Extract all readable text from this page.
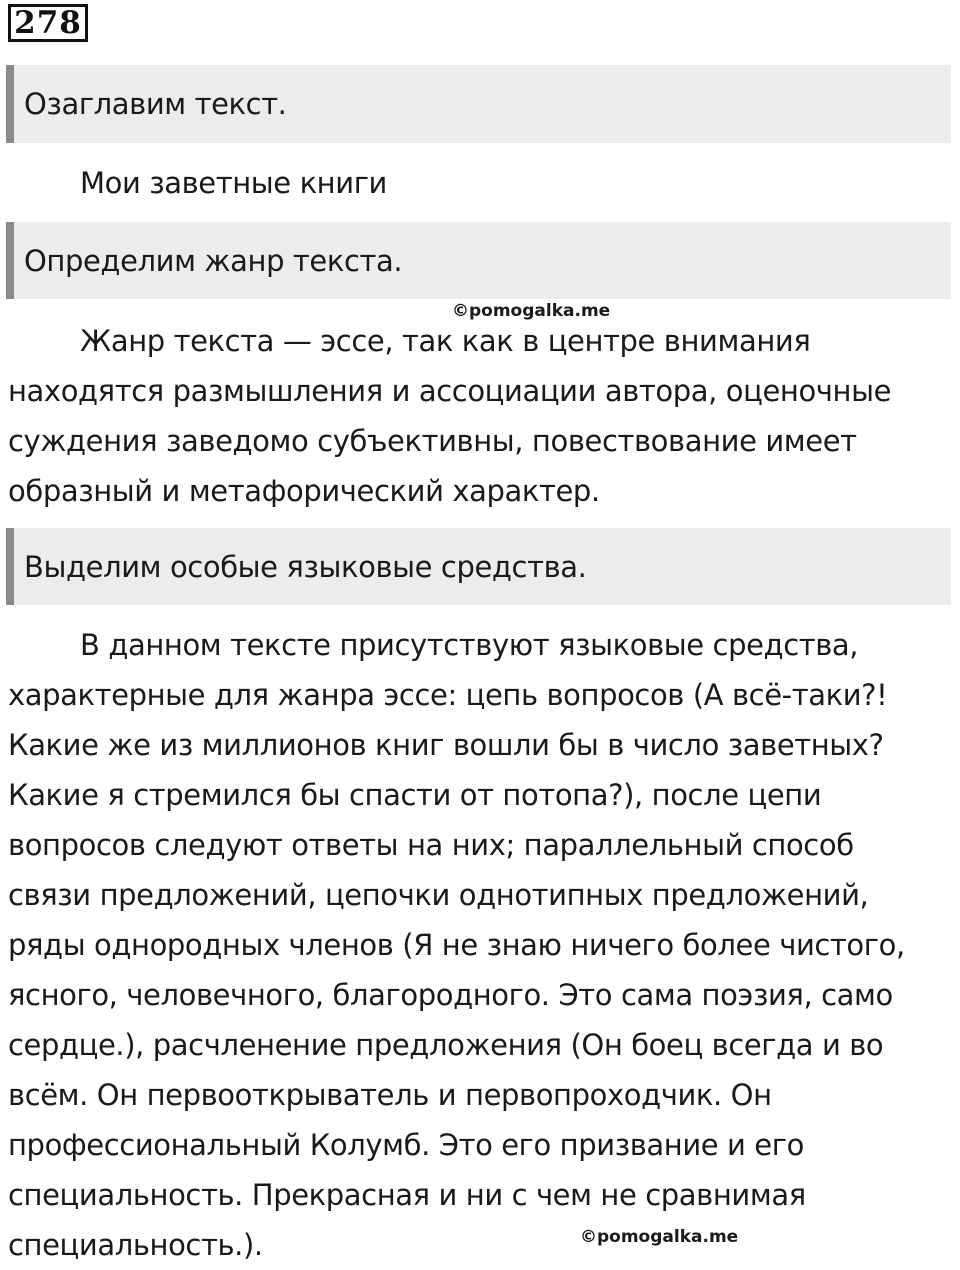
278
Озаглавим текст.
Мои заветные книги
Определим жанр текста.
©pomogalka.me
Жанр текста — эссе, так как в центре внимания
находятся размышления и ассоциации автора, оценочные
суждения заведомо субъективны, повествование имеет
образный и метафорический характер.
Выделим особые языковые средства.
В данном тексте присутствуют языковые средства,
характерные для жанра эссе: цепь вопросов (А всё-таки?!
Какие же из миллионов книг вошли бы в число заветных?
Какие я стремился бы спасти от потопа?), после цепи
вопросов следуют ответы на них; параллельный способ
связи предложений, цепочки однотипных предложений,
ряды однородных членов (Я не знаю ничего более чистого,
ясного, человечного, благородного. Это сама поэзия, само
сердце.), расчленение предложения (Он боец всегда и во
всём. Он первооткрыватель и первопроходчик. Он
профессиональный Колумб. Это его призвание и его
специальность. Прекрасная и ни с чем не сравнимая
специальность.).	©pomogalka.me
